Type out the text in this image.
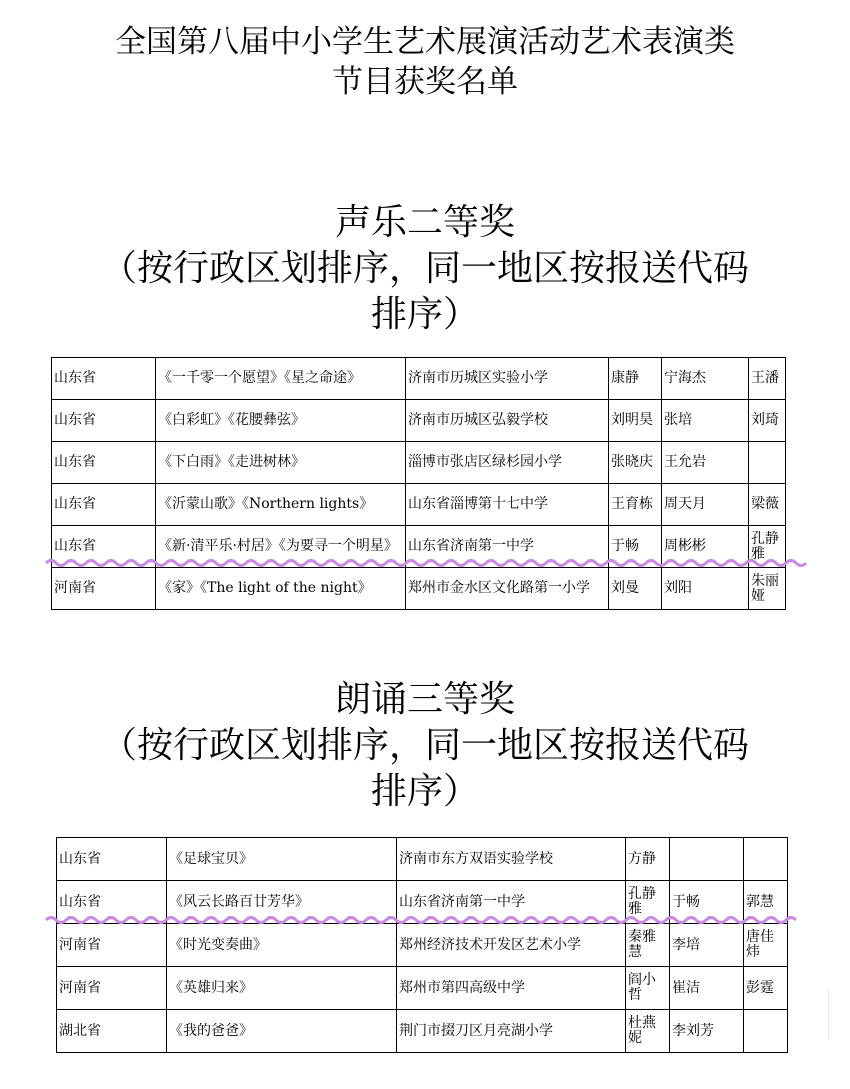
全国第八届中小学生艺术展演活动艺术表演类
节目获奖名单
声乐二等奖
（按行政区划排序，同一地区按报送代码
排序）
山东省	《一千零一个愿望》《星之命途》	济南市历城区实验小学	康静	宁海杰	王潘
山东省	《白彩虹》《花腰彝弦》	济南市历城区弘毅学校	刘明昊	张培	刘琦
山东省	《下白雨》《走进树林》	淄博市张店区绿杉园小学	张晓庆	王允岩	
山东省	《沂蒙山歌》《Northern lights》	山东省淄博第十七中学	王育栋	周天月	梁薇
山东省	《新·清平乐·村居》《为要寻一个明星》	山东省济南第一中学	于畅	周彬彬	孔静雅
河南省	《家》《The light of the night》	郑州市金水区文化路第一小学	刘曼	刘阳	朱丽娅
朗诵三等奖
（按行政区划排序，同一地区按报送代码
排序）
山东省	《足球宝贝》	济南市东方双语实验学校	方静		
山东省	《风云长路百廿芳华》	山东省济南第一中学	孔静雅	于畅	郭慧
河南省	《时光变奏曲》	郑州经济技术开发区艺术小学	秦雅慧	李培	唐佳炜
河南省	《英雄归来》	郑州市第四高级中学	阎小哲	崔洁	彭霆
湖北省	《我的爸爸》	荆门市掇刀区月亮湖小学	杜燕妮	李刘芳	
